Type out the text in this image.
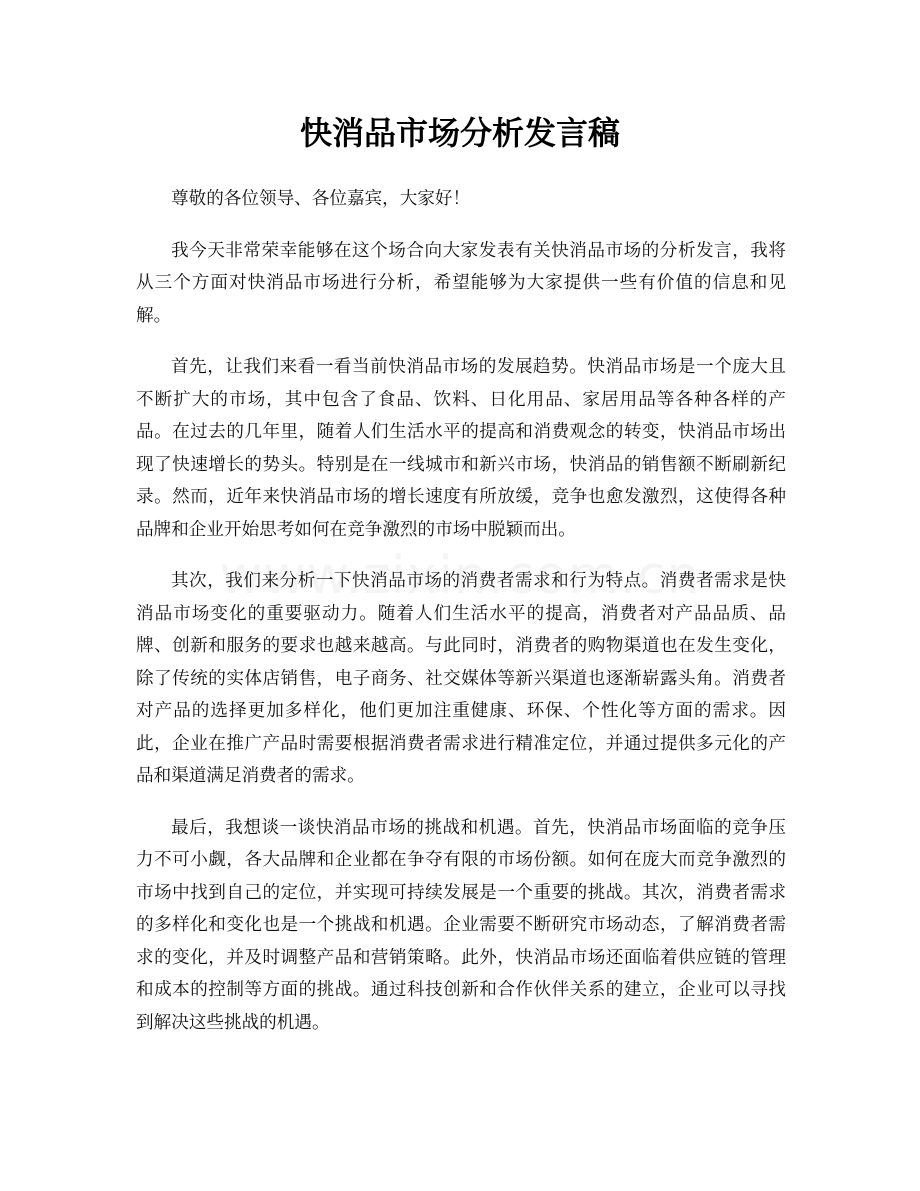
快消品市场分析发言稿

尊敬的各位领导、各位嘉宾，大家好！

我今天非常荣幸能够在这个场合向大家发表有关快消品市场的分析发言，我将从三个方面对快消品市场进行分析，希望能够为大家提供一些有价值的信息和见解。

首先，让我们来看一看当前快消品市场的发展趋势。快消品市场是一个庞大且不断扩大的市场，其中包含了食品、饮料、日化用品、家居用品等各种各样的产品。在过去的几年里，随着人们生活水平的提高和消费观念的转变，快消品市场出现了快速增长的势头。特别是在一线城市和新兴市场，快消品的销售额不断刷新纪录。然而，近年来快消品市场的增长速度有所放缓，竞争也愈发激烈，这使得各种品牌和企业开始思考如何在竞争激烈的市场中脱颖而出。

其次，我们来分析一下快消品市场的消费者需求和行为特点。消费者需求是快消品市场变化的重要驱动力。随着人们生活水平的提高，消费者对产品品质、品牌、创新和服务的要求也越来越高。与此同时，消费者的购物渠道也在发生变化，除了传统的实体店销售，电子商务、社交媒体等新兴渠道也逐渐崭露头角。消费者对产品的选择更加多样化，他们更加注重健康、环保、个性化等方面的需求。因此，企业在推广产品时需要根据消费者需求进行精准定位，并通过提供多元化的产品和渠道满足消费者的需求。

最后，我想谈一谈快消品市场的挑战和机遇。首先，快消品市场面临的竞争压力不可小觑，各大品牌和企业都在争夺有限的市场份额。如何在庞大而竞争激烈的市场中找到自己的定位，并实现可持续发展是一个重要的挑战。其次，消费者需求的多样化和变化也是一个挑战和机遇。企业需要不断研究市场动态，了解消费者需求的变化，并及时调整产品和营销策略。此外，快消品市场还面临着供应链的管理和成本的控制等方面的挑战。通过科技创新和合作伙伴关系的建立，企业可以寻找到解决这些挑战的机遇。
